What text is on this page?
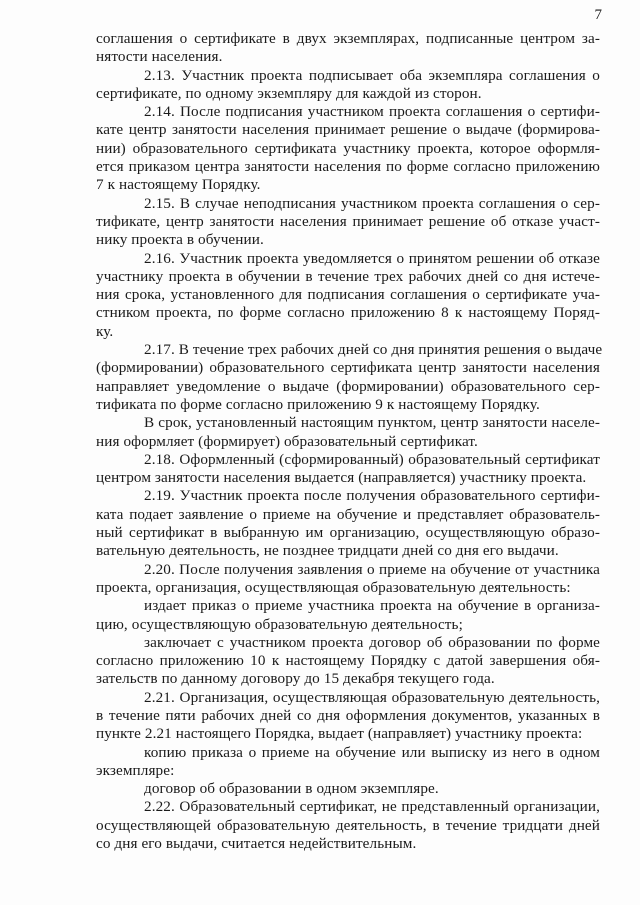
7
соглашения о сертификате в двух экземплярах, подписанные центром за-
нятости населения.
2.13. Участник проекта подписывает оба экземпляра соглашения о
сертификате, по одному экземпляру для каждой из сторон.
2.14. После подписания участником проекта соглашения о сертифи-
кате центр занятости населения принимает решение о выдаче (формирова-
нии) образовательного сертификата участнику проекта, которое оформля-
ется приказом центра занятости населения по форме согласно приложению
7 к настоящему Порядку.
2.15. В случае неподписания участником проекта соглашения о сер-
тификате, центр занятости населения принимает решение об отказе участ-
нику проекта в обучении.
2.16. Участник проекта уведомляется о принятом решении об отказе
участнику проекта в обучении в течение трех рабочих дней со дня истече-
ния срока, установленного для подписания соглашения о сертификате уча-
стником проекта, по форме согласно приложению 8 к настоящему Поряд-
ку.
2.17. В течение трех рабочих дней со дня принятия решения о выдаче
(формировании) образовательного сертификата центр занятости населения
направляет уведомление о выдаче (формировании) образовательного сер-
тификата по форме согласно приложению 9 к настоящему Порядку.
В срок, установленный настоящим пунктом, центр занятости населе-
ния оформляет (формирует) образовательный сертификат.
2.18. Оформленный (сформированный) образовательный сертификат
центром занятости населения выдается (направляется) участнику проекта.
2.19. Участник проекта после получения образовательного сертифи-
ката подает заявление о приеме на обучение и представляет образователь-
ный сертификат в выбранную им организацию, осуществляющую образо-
вательную деятельность, не позднее тридцати дней со дня его выдачи.
2.20. После получения заявления о приеме на обучение от участника
проекта, организация, осуществляющая образовательную деятельность:
издает приказ о приеме участника проекта на обучение в организа-
цию, осуществляющую образовательную деятельность;
заключает с участником проекта договор об образовании по форме
согласно приложению 10 к настоящему Порядку с датой завершения обя-
зательств по данному договору до 15 декабря текущего года.
2.21. Организация, осуществляющая образовательную деятельность,
в течение пяти рабочих дней со дня оформления документов, указанных в
пункте 2.21 настоящего Порядка, выдает (направляет) участнику проекта:
копию приказа о приеме на обучение или выписку из него в одном
экземпляре:
договор об образовании в одном экземпляре.
2.22. Образовательный сертификат, не представленный организации,
осуществляющей образовательную деятельность, в течение тридцати дней
со дня его выдачи, считается недействительным.
